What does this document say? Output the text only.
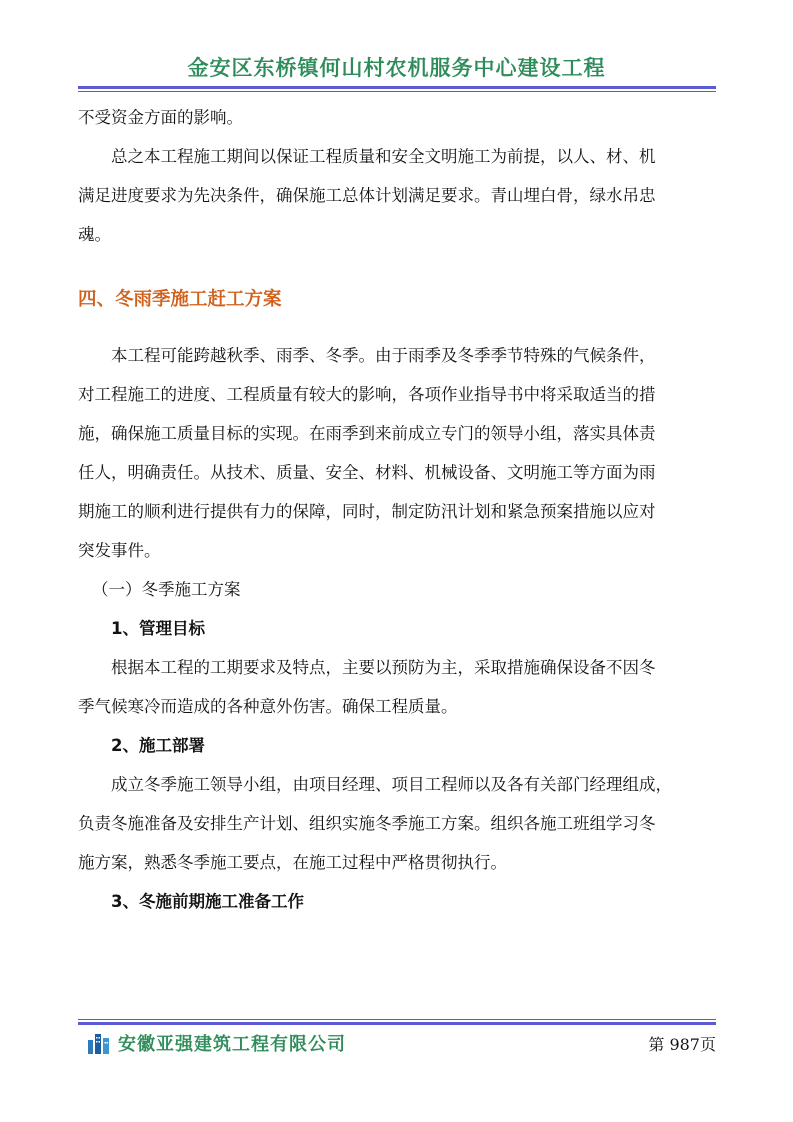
金安区东桥镇何山村农机服务中心建设工程
不受资金方面的影响。
总之本工程施工期间以保证工程质量和安全文明施工为前提，以人、材、机
满足进度要求为先决条件，确保施工总体计划满足要求。青山埋白骨，绿水吊忠
魂。
四、冬雨季施工赶工方案
本工程可能跨越秋季、雨季、冬季。由于雨季及冬季季节特殊的气候条件，
对工程施工的进度、工程质量有较大的影响，各项作业指导书中将采取适当的措
施，确保施工质量目标的实现。在雨季到来前成立专门的领导小组，落实具体责
任人，明确责任。从技术、质量、安全、材料、机械设备、文明施工等方面为雨
期施工的顺利进行提供有力的保障，同时，制定防汛计划和紧急预案措施以应对
突发事件。
（一）冬季施工方案
1、管理目标
根据本工程的工期要求及特点，主要以预防为主，采取措施确保设备不因冬
季气候寒冷而造成的各种意外伤害。确保工程质量。
2、施工部署
成立冬季施工领导小组，由项目经理、项目工程师以及各有关部门经理组成，
负责冬施准备及安排生产计划、组织实施冬季施工方案。组织各施工班组学习冬
施方案，熟悉冬季施工要点，在施工过程中严格贯彻执行。
3、冬施前期施工准备工作
安徽亚强建筑工程有限公司	第 987页
